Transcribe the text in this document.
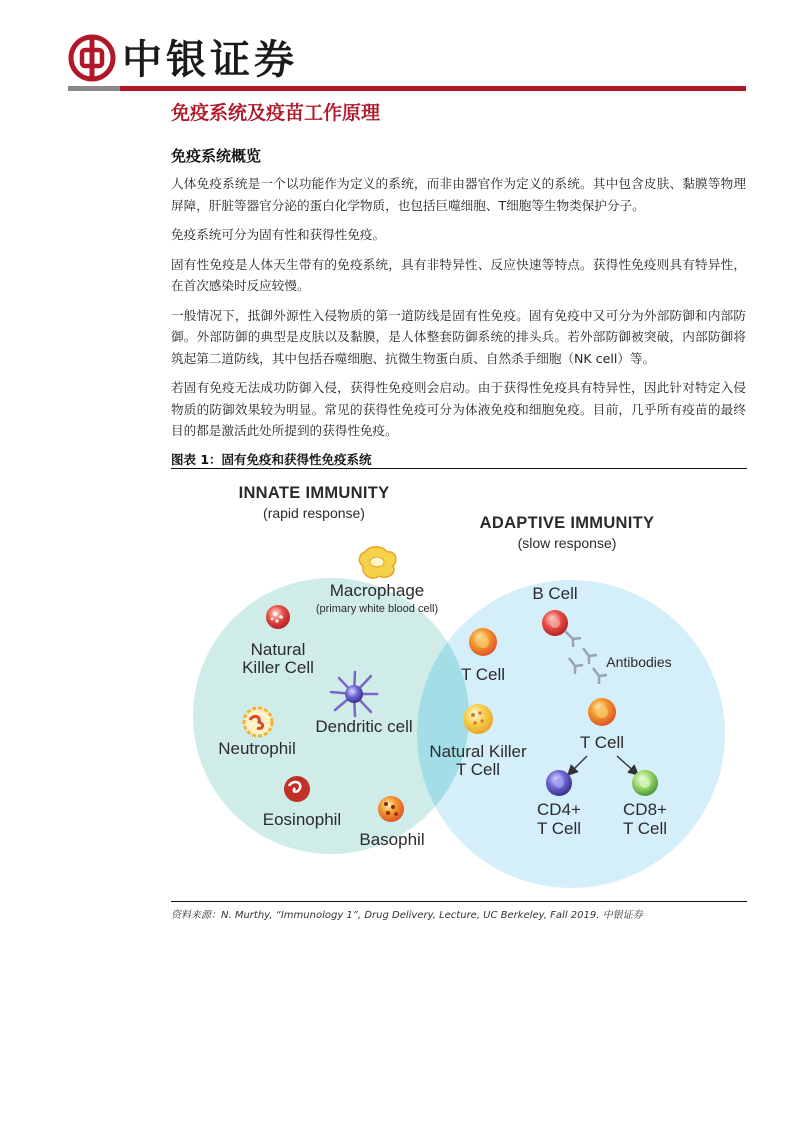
中银证券
免疫系统及疫苗工作原理
免疫系统概览

人体免疫系统是一个以功能作为定义的系统，而非由器官作为定义的系统。其中包含皮肤、黏膜等物理屏障，肝脏等器官分泌的蛋白化学物质，也包括巨噬细胞、T细胞等生物类保护分子。

免疫系统可分为固有性和获得性免疫。

固有性免疫是人体天生带有的免疫系统，具有非特异性、反应快速等特点。获得性免疫则具有特异性，在首次感染时反应较慢。

一般情况下，抵御外源性入侵物质的第一道防线是固有性免疫。固有免疫中又可分为外部防御和内部防御。外部防御的典型是皮肤以及黏膜，是人体整套防御系统的排头兵。若外部防御被突破，内部防御将筑起第二道防线，其中包括吞噬细胞、抗微生物蛋白质、自然杀手细胞（NK cell）等。

若固有免疫无法成功防御入侵，获得性免疫则会启动。由于获得性免疫具有特异性，因此针对特定入侵物质的防御效果较为明显。常见的获得性免疫可分为体液免疫和细胞免疫。目前，几乎所有疫苗的最终目的都是激活此处所提到的获得性免疫。

图表 1：固有免疫和获得性免疫系统
INNATE IMMUNITY
(rapid response)
ADAPTIVE IMMUNITY
(slow response)
Macrophage
(primary white blood cell)
Natural
Killer Cell
Dendritic cell
Neutrophil
Eosinophil
Basophil
T Cell
Natural Killer
T Cell
B Cell
Antibodies
T Cell
CD4+
T Cell
CD8+
T Cell
资料来源：N. Murthy, “Immunology 1”, Drug Delivery, Lecture, UC Berkeley, Fall 2019. 中银证券
